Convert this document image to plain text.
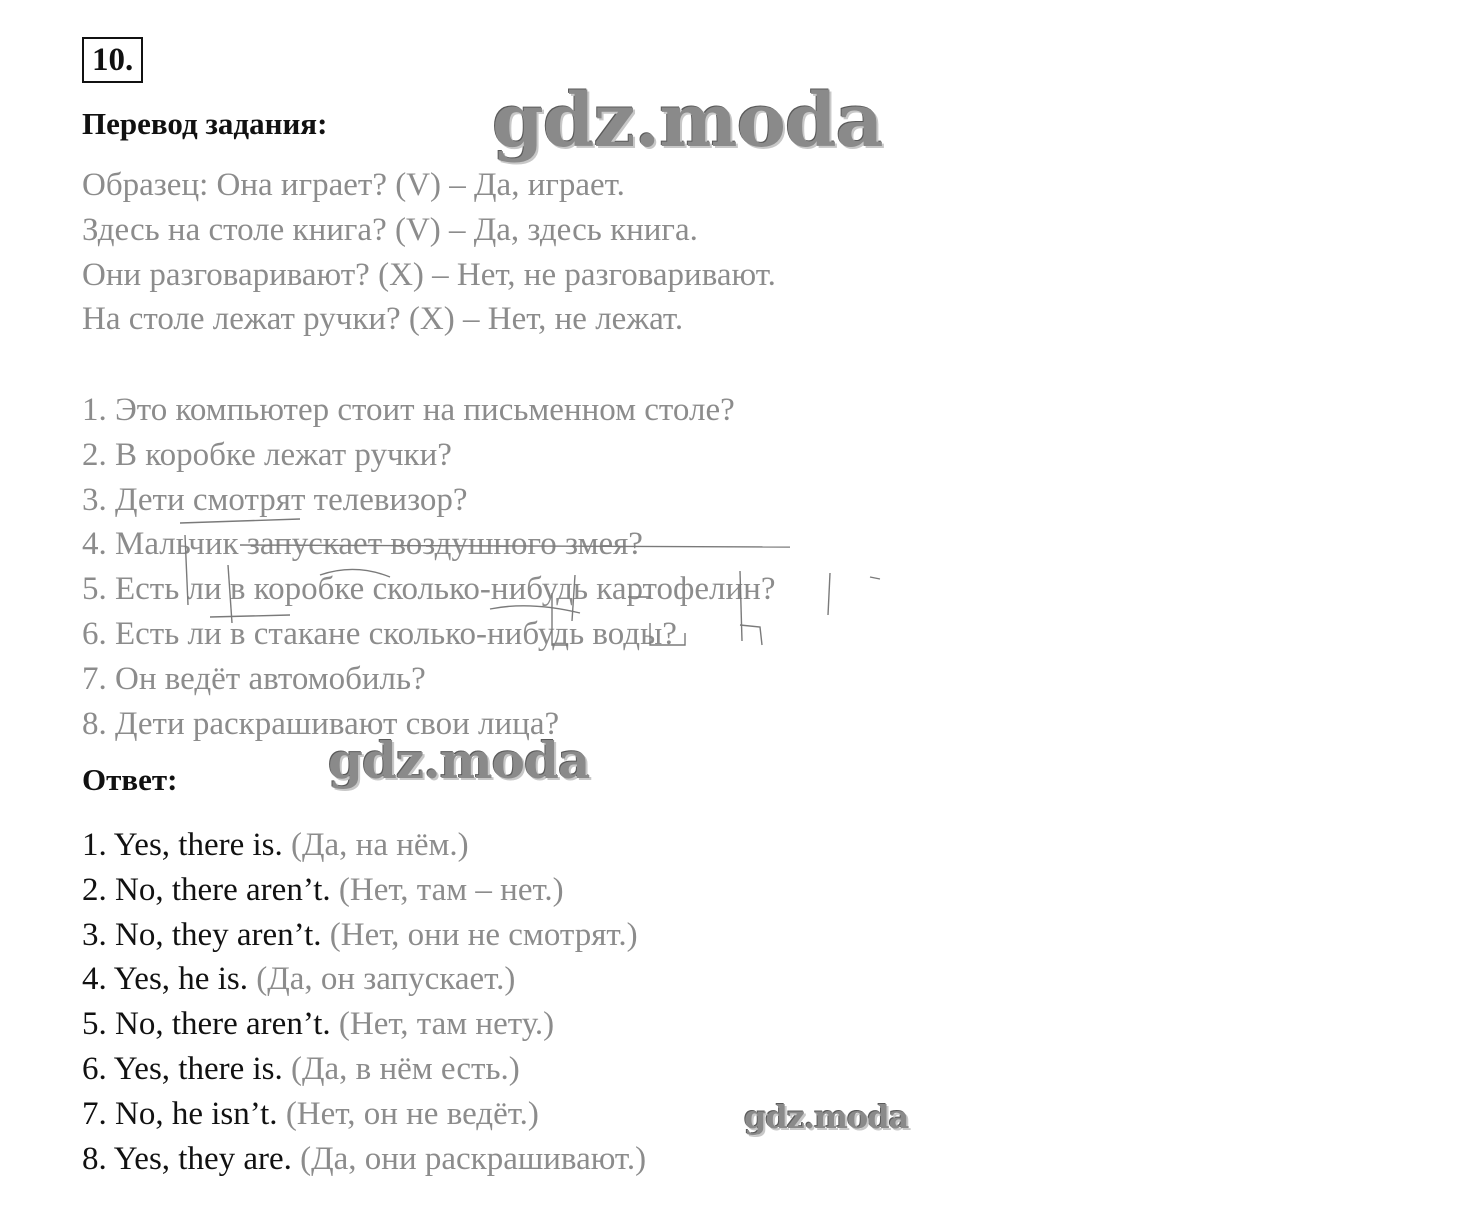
10.
Перевод задания: gdz.moda
Образец: Она играет? (V) – Да, играет.
Здесь на столе книга? (V) – Да, здесь книга.
Они разговаривают? (X) – Нет, не разговаривают.
На столе лежат ручки? (X) – Нет, не лежат.
1. Это компьютер стоит на письменном столе?
2. В коробке лежат ручки?
3. Дети смотрят телевизор?
4. Мальчик запускает воздушного змея?
5. Есть ли в коробке сколько-нибудь картофелин?
6. Есть ли в стакане сколько-нибудь воды?
7. Он ведёт автомобиль?
8. Дети раскрашивают свои лица?
Ответ:	gdz.moda
1. Yes, there is. (Да, на нём.)
2. No, there aren’t. (Нет, там – нет.)
3. No, they aren’t. (Нет, они не смотрят.)
4. Yes, he is. (Да, он запускает.)
5. No, there aren’t. (Нет, там нету.)
6. Yes, there is. (Да, в нём есть.)
7. No, he isn’t. (Нет, он не ведёт.)
8. Yes, they are. (Да, они раскрашивают.)
gdz.moda
